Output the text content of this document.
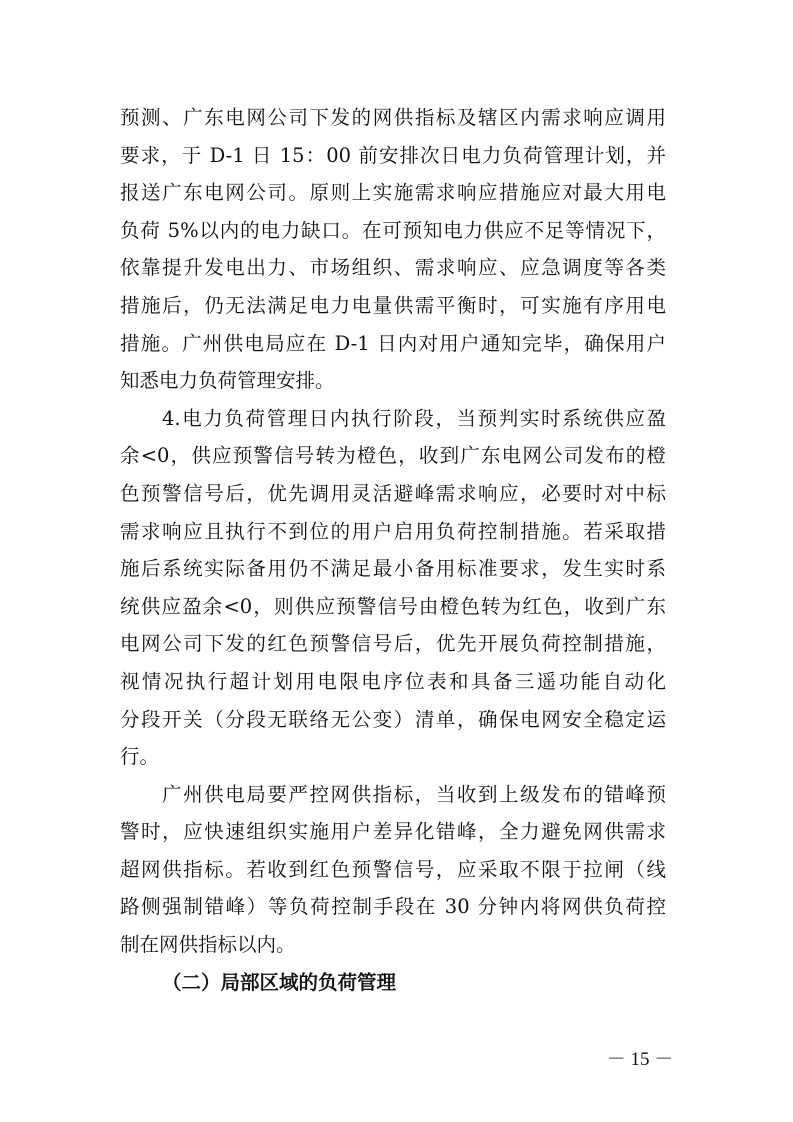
预测、广东电网公司下发的网供指标及辖区内需求响应调用
要求，于 D-1 日 15：00 前安排次日电力负荷管理计划，并
报送广东电网公司。原则上实施需求响应措施应对最大用电
负荷 5%以内的电力缺口。在可预知电力供应不足等情况下，
依靠提升发电出力、市场组织、需求响应、应急调度等各类
措施后，仍无法满足电力电量供需平衡时，可实施有序用电
措施。广州供电局应在 D-1 日内对用户通知完毕，确保用户
知悉电力负荷管理安排。
4.电力负荷管理日内执行阶段，当预判实时系统供应盈
余<0，供应预警信号转为橙色，收到广东电网公司发布的橙
色预警信号后，优先调用灵活避峰需求响应，必要时对中标
需求响应且执行不到位的用户启用负荷控制措施。若采取措
施后系统实际备用仍不满足最小备用标准要求，发生实时系
统供应盈余<0，则供应预警信号由橙色转为红色，收到广东
电网公司下发的红色预警信号后，优先开展负荷控制措施，
视情况执行超计划用电限电序位表和具备三遥功能自动化
分段开关（分段无联络无公变）清单，确保电网安全稳定运
行。
广州供电局要严控网供指标，当收到上级发布的错峰预
警时，应快速组织实施用户差异化错峰，全力避免网供需求
超网供指标。若收到红色预警信号，应采取不限于拉闸（线
路侧强制错峰）等负荷控制手段在 30 分钟内将网供负荷控
制在网供指标以内。
（二）局部区域的负荷管理
－ 15 －
